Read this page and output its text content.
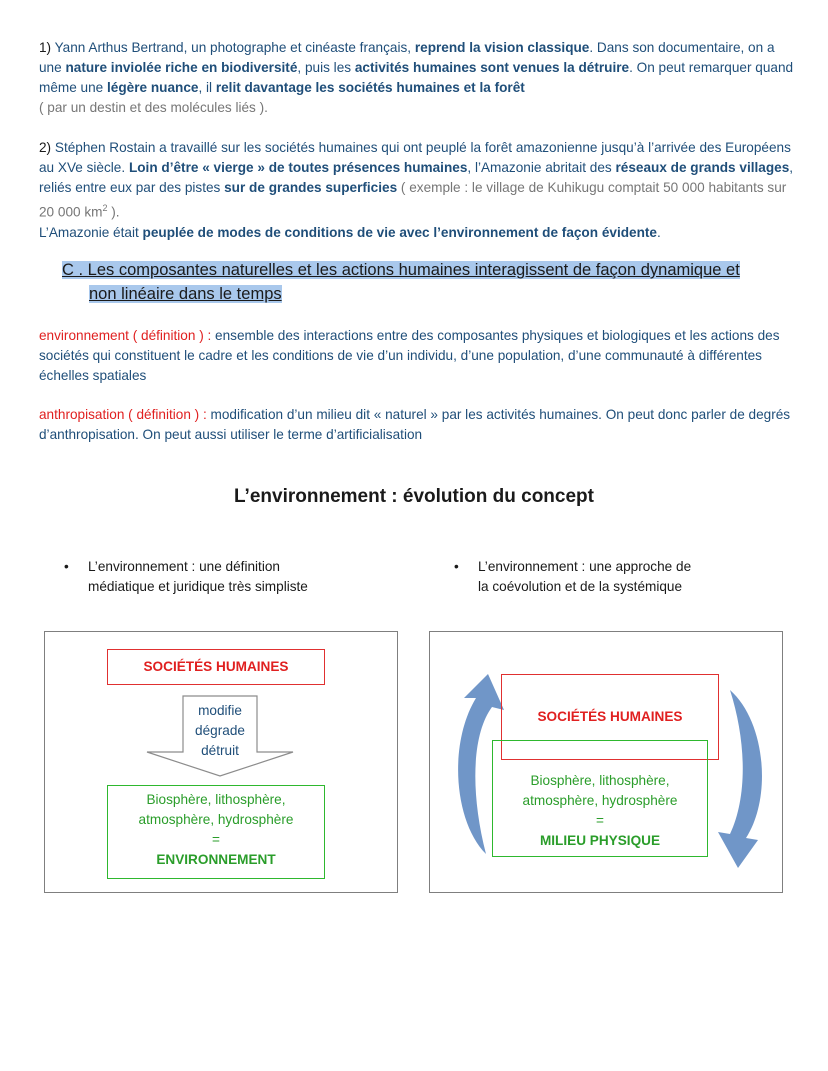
1) Yann Arthus Bertrand, un photographe et cinéaste français, reprend la vision classique. Dans son documentaire, on a une nature inviolée riche en biodiversité, puis les activités humaines sont venues la détruire. On peut remarquer quand même une légère nuance, il relit davantage les sociétés humaines et la forêt
( par un destin et des molécules liés ).
2) Stéphen Rostain a travaillé sur les sociétés humaines qui ont peuplé la forêt amazonienne jusqu’à l’arrivée des Européens au XVe siècle. Loin d’être « vierge » de toutes présences humaines, l’Amazonie abritait des réseaux de grands villages, reliés entre eux par des pistes sur de grandes superficies ( exemple : le village de Kuhikugu comptait 50 000 habitants sur 20 000 $km^2$ ).
L’Amazonie était peuplée de modes de conditions de vie avec l’environnement de façon évidente.
C . Les composantes naturelles et les actions humaines interagissent de façon dynamique et
non linéaire dans le temps
environnement ( définition ) : ensemble des interactions entre des composantes physiques et biologiques et les actions des sociétés qui constituent le cadre et les conditions de vie d’un individu, d’une population, d’une communauté à différentes échelles spatiales
anthropisation ( définition ) : modification d’un milieu dit « naturel » par les activités humaines. On peut donc parler de degrés d’anthropisation. On peut aussi utiliser le terme d’artificialisation
L’environnement : évolution du concept
• L’environnement : une définition
médiatique et juridique très simpliste
• L’environnement : une approche de
la coévolution et de la systémique
SOCIÉTÉS HUMAINES
modifie
dégrade
détruit
Biosphère, lithosphère,
atmosphère, hydrosphère
=
ENVIRONNEMENT
SOCIÉTÉS HUMAINES
Biosphère, lithosphère,
atmosphère, hydrosphère
=
MILIEU PHYSIQUE
